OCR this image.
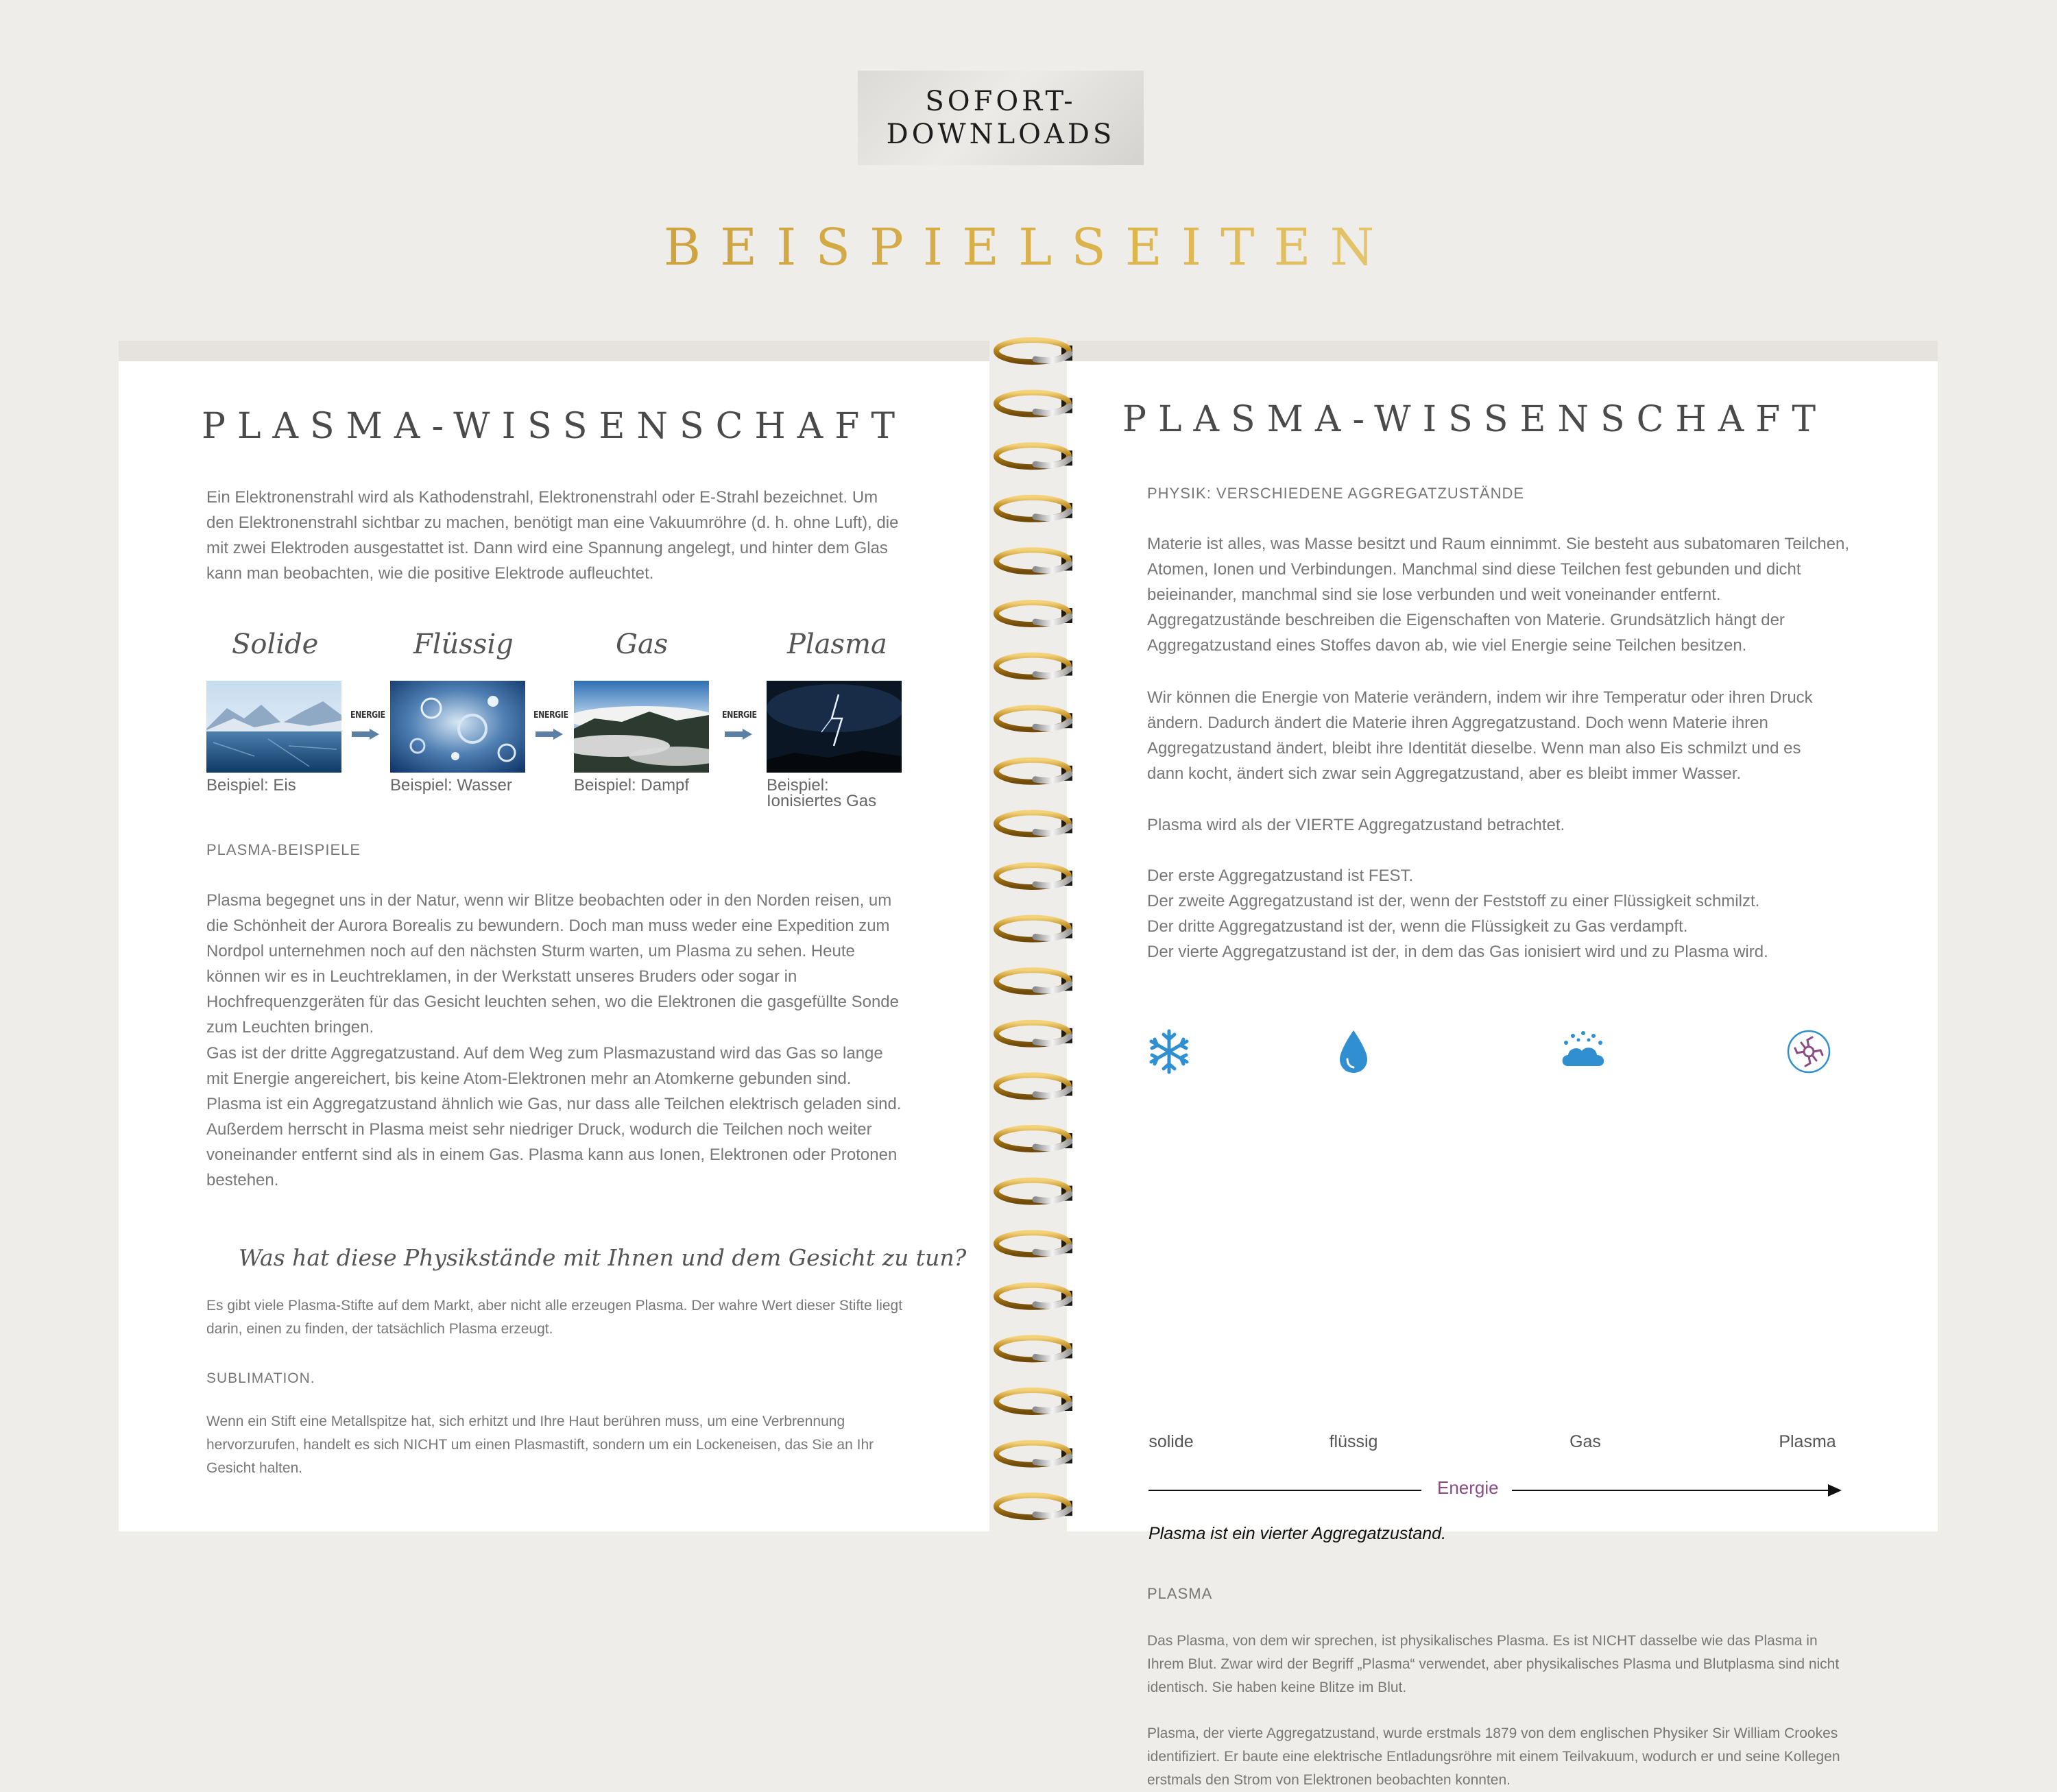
SOFORT-
DOWNLOADS
BEISPIELSEITEN
PLASMA-WISSENSCHAFT
Ein Elektronenstrahl wird als Kathodenstrahl, Elektronenstrahl oder E-Strahl bezeichnet. Um den Elektronenstrahl sichtbar zu machen, benötigt man eine Vakuumröhre (d. h. ohne Luft), die mit zwei Elektroden ausgestattet ist. Dann wird eine Spannung angelegt, und hinter dem Glas kann man beobachten, wie die positive Elektrode aufleuchtet.
Solide	Flüssig	Gas	Plasma
ENERGIE	ENERGIE	ENERGIE
Beispiel: Eis	Beispiel: Wasser	Beispiel: Dampf	Beispiel:
Ionisiertes Gas
PLASMA-BEISPIELE
Plasma begegnet uns in der Natur, wenn wir Blitze beobachten oder in den Norden reisen, um die Schönheit der Aurora Borealis zu bewundern. Doch man muss weder eine Expedition zum Nordpol unternehmen noch auf den nächsten Sturm warten, um Plasma zu sehen. Heute können wir es in Leuchtreklamen, in der Werkstatt unseres Bruders oder sogar in Hochfrequenzgeräten für das Gesicht leuchten sehen, wo die Elektronen die gasgefüllte Sonde zum Leuchten bringen.
Gas ist der dritte Aggregatzustand. Auf dem Weg zum Plasmazustand wird das Gas so lange mit Energie angereichert, bis keine Atom-Elektronen mehr an Atomkerne gebunden sind. Plasma ist ein Aggregatzustand ähnlich wie Gas, nur dass alle Teilchen elektrisch geladen sind. Außerdem herrscht in Plasma meist sehr niedriger Druck, wodurch die Teilchen noch weiter voneinander entfernt sind als in einem Gas. Plasma kann aus Ionen, Elektronen oder Protonen bestehen.
Was hat diese Physikstände mit Ihnen und dem Gesicht zu tun?
Es gibt viele Plasma-Stifte auf dem Markt, aber nicht alle erzeugen Plasma. Der wahre Wert dieser Stifte liegt darin, einen zu finden, der tatsächlich Plasma erzeugt.
SUBLIMATION.
Wenn ein Stift eine Metallspitze hat, sich erhitzt und Ihre Haut berühren muss, um eine Verbrennung hervorzurufen, handelt es sich NICHT um einen Plasmastift, sondern um ein Lockeneisen, das Sie an Ihr Gesicht halten.
PLASMA-WISSENSCHAFT
PHYSIK: VERSCHIEDENE AGGREGATZUSTÄNDE
Materie ist alles, was Masse besitzt und Raum einnimmt. Sie besteht aus subatomaren Teilchen, Atomen, Ionen und Verbindungen. Manchmal sind diese Teilchen fest gebunden und dicht beieinander, manchmal sind sie lose verbunden und weit voneinander entfernt. Aggregatzustände beschreiben die Eigenschaften von Materie. Grundsätzlich hängt der Aggregatzustand eines Stoffes davon ab, wie viel Energie seine Teilchen besitzen.
Wir können die Energie von Materie verändern, indem wir ihre Temperatur oder ihren Druck ändern. Dadurch ändert die Materie ihren Aggregatzustand. Doch wenn Materie ihren Aggregatzustand ändert, bleibt ihre Identität dieselbe. Wenn man also Eis schmilzt und es dann kocht, ändert sich zwar sein Aggregatzustand, aber es bleibt immer Wasser.
Plasma wird als der VIERTE Aggregatzustand betrachtet.

Der erste Aggregatzustand ist FEST.

Der zweite Aggregatzustand ist der, wenn der Feststoff zu einer Flüssigkeit schmilzt.

Der dritte Aggregatzustand ist der, wenn die Flüssigkeit zu Gas verdampft.

Der vierte Aggregatzustand ist der, in dem das Gas ionisiert wird und zu Plasma wird.

solide	flüssig	Gas	Plasma
Energie
Plasma ist ein vierter Aggregatzustand.
PLASMA
Das Plasma, von dem wir sprechen, ist physikalisches Plasma. Es ist NICHT dasselbe wie das Plasma in Ihrem Blut. Zwar wird der Begriff „Plasma“ verwendet, aber physikalisches Plasma und Blutplasma sind nicht identisch. Sie haben keine Blitze im Blut.
Plasma, der vierte Aggregatzustand, wurde erstmals 1879 von dem englischen Physiker Sir William Crookes identifiziert. Er baute eine elektrische Entladungsröhre mit einem Teilvakuum, wodurch er und seine Kollegen erstmals den Strom von Elektronen beobachten konnten.
